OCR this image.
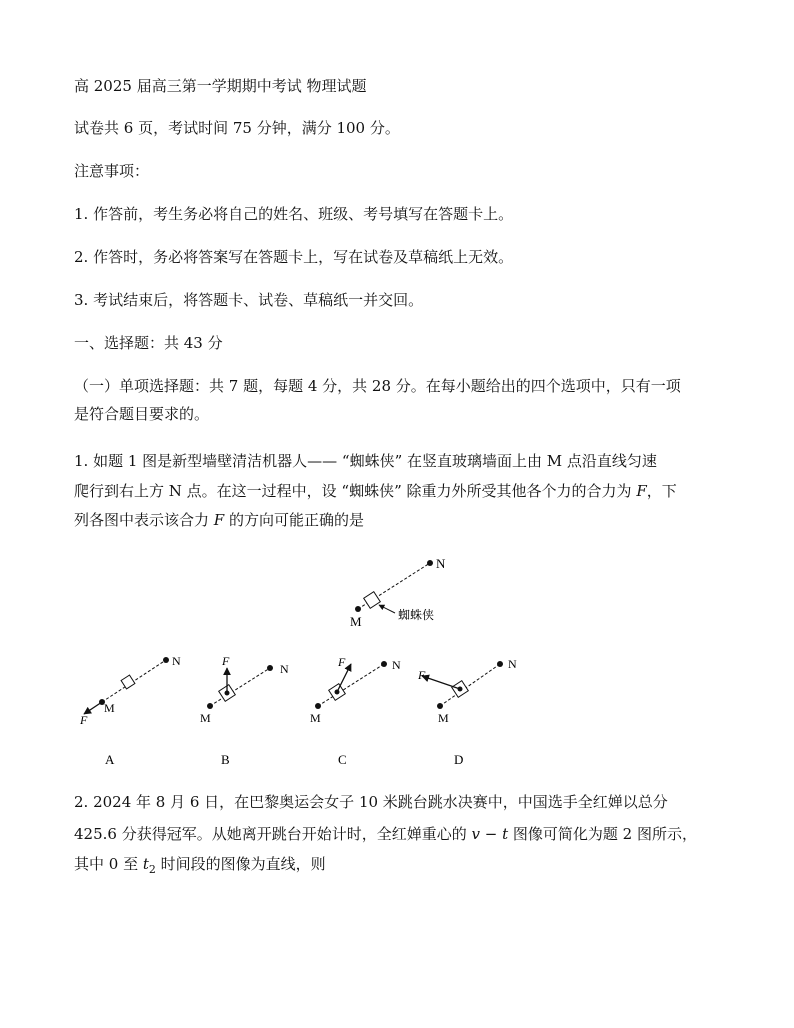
高 2025 届高三第一学期期中考试 物理试题
试卷共 6 页，考试时间 75 分钟，满分 100 分。
注意事项：
1. 作答前，考生务必将自己的姓名、班级、考号填写在答题卡上。
2. 作答时，务必将答案写在答题卡上，写在试卷及草稿纸上无效。
3. 考试结束后，将答题卡、试卷、草稿纸一并交回。
一、选择题：共 43 分
（一）单项选择题：共 7 题，每题 4 分，共 28 分。在每小题给出的四个选项中，只有一项
是符合题目要求的。
1. 如题 1 图是新型墙壁清洁机器人—— “蜘蛛侠” 在竖直玻璃墙面上由 M 点沿直线匀速
爬行到右上方 N 点。在这一过程中，设 “蜘蛛侠” 除重力外所受其他各个力的合力为 F，下
列各图中表示该合力 F 的方向可能正确的是
N
M	蜘蛛侠
N
M
F
N
M
F	N
M
F	N
M
F
A	B	C	D
2. 2024 年 8 月 6 日，在巴黎奥运会女子 10 米跳台跳水决赛中，中国选手全红婵以总分
425.6 分获得冠军。从她离开跳台开始计时，全红婵重心的 v − t 图像可简化为题 2 图所示，
其中 0 至 $t_2$ 时间段的图像为直线，则
